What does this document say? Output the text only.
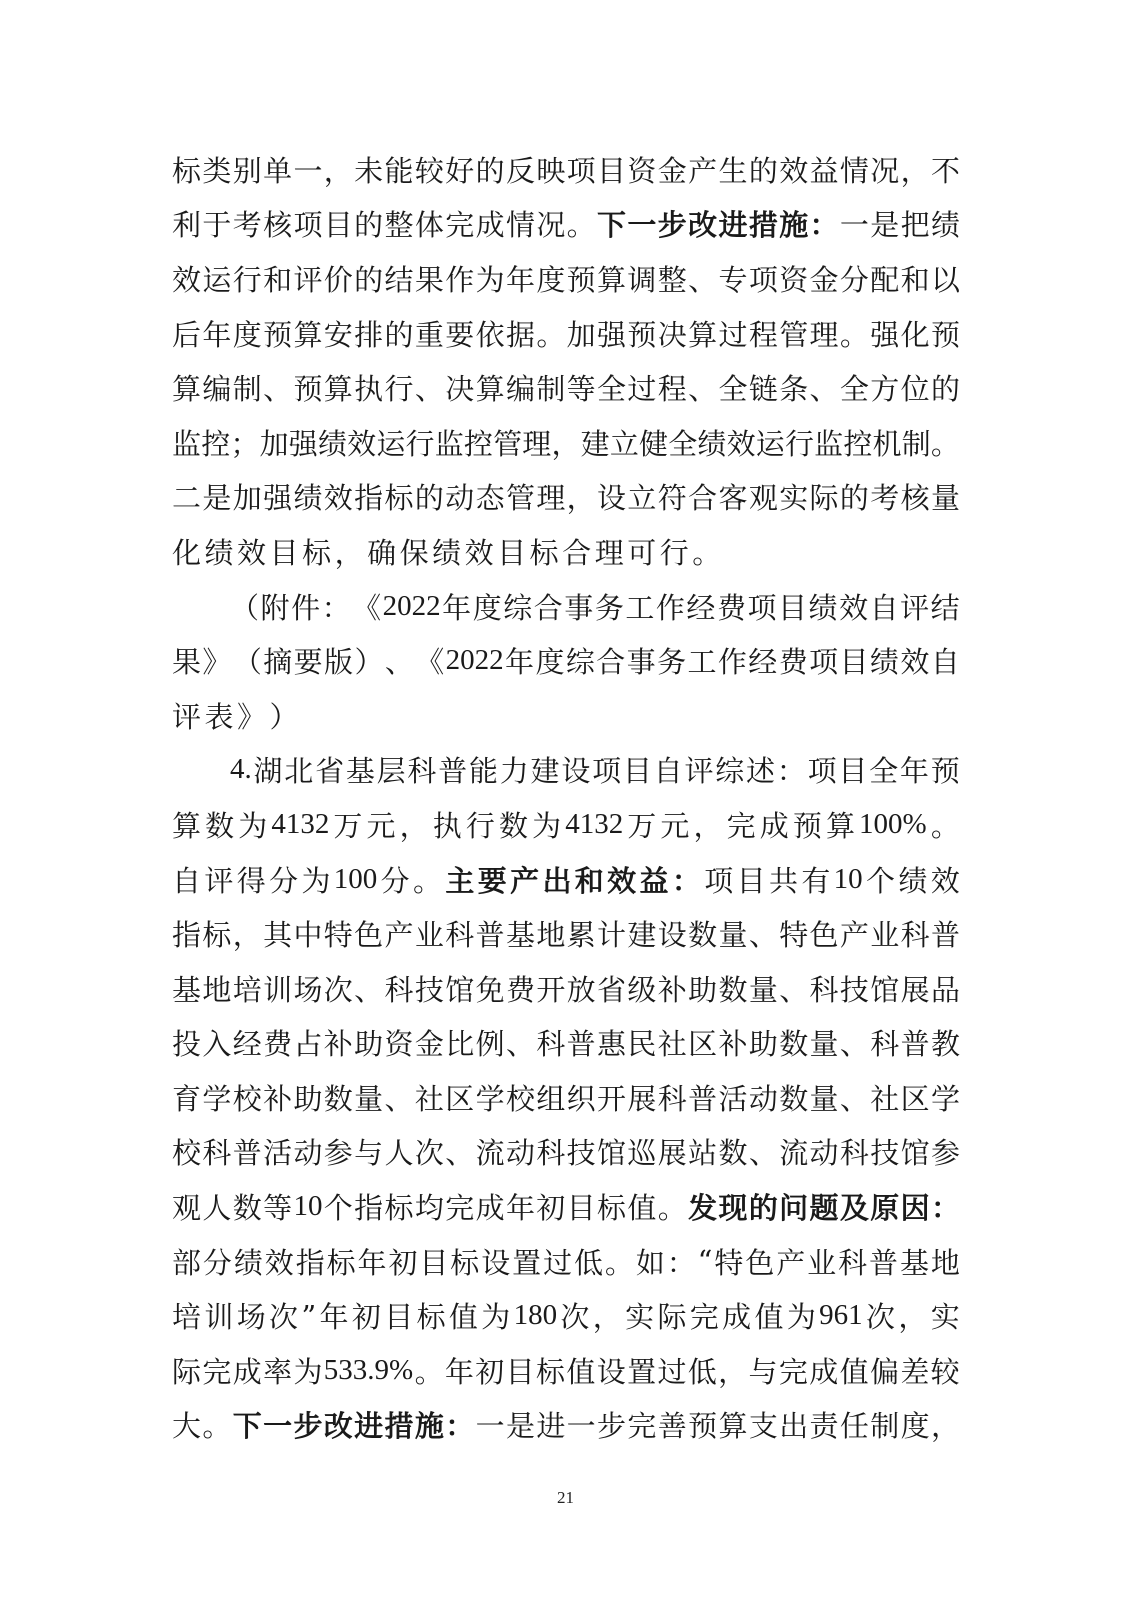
标 类 别 单 一 ， 未 能 较 好 的 反 映 项 目 资 金 产 生 的 效 益 情 况 ， 不
利 于 考 核 项 目 的 整 体 完 成 情 况 。 下 一 步 改 进 措 施 ： 一 是 把 绩
效 运 行 和 评 价 的 结 果 作 为 年 度 预 算 调 整 、 专 项 资 金 分 配 和 以
后 年 度 预 算 安 排 的 重 要 依 据 。 加 强 预 决 算 过 程 管 理 。 强 化 预
算 编 制 、 预 算 执 行 、 决 算 编 制 等 全 过 程 、 全 链 条 、 全 方 位 的
监 控 ； 加 强 绩 效 运 行 监 控 管 理 ， 建 立 健 全 绩 效 运 行 监 控 机 制 。
二 是 加 强 绩 效 指 标 的 动 态 管 理 ， 设 立 符 合 客 观 实 际 的 考 核 量
化 绩 效 目 标 ， 确 保 绩 效 目 标 合 理 可 行 。
（ 附 件 ： 《 2022 年 度 综 合 事 务 工 作 经 费 项 目 绩 效 自 评 结
果 》 （ 摘 要 版 ） 、 《 2022 年 度 综 合 事 务 工 作 经 费 项 目 绩 效 自
评 表 》 ）
4. 湖 北 省 基 层 科 普 能 力 建 设 项 目 自 评 综 述 ： 项 目 全 年 预
算 数 为 4132 万 元 ， 执 行 数 为 4132 万 元 ， 完 成 预 算 100% 。
自 评 得 分 为 100 分 。 主 要 产 出 和 效 益 ： 项 目 共 有 10 个 绩 效
指 标 ， 其 中 特 色 产 业 科 普 基 地 累 计 建 设 数 量 、 特 色 产 业 科 普
基 地 培 训 场 次 、 科 技 馆 免 费 开 放 省 级 补 助 数 量 、 科 技 馆 展 品
投 入 经 费 占 补 助 资 金 比 例 、 科 普 惠 民 社 区 补 助 数 量 、 科 普 教
育 学 校 补 助 数 量 、 社 区 学 校 组 织 开 展 科 普 活 动 数 量 、 社 区 学
校 科 普 活 动 参 与 人 次 、 流 动 科 技 馆 巡 展 站 数 、 流 动 科 技 馆 参
观 人 数 等 10 个 指 标 均 完 成 年 初 目 标 值 。 发 现 的 问 题 及 原 因 ：
部 分 绩 效 指 标 年 初 目 标 设 置 过 低 。 如 ： “ 特 色 产 业 科 普 基 地
培 训 场 次 ” 年 初 目 标 值 为 180 次 ， 实 际 完 成 值 为 961 次 ， 实
际 完 成 率 为 533.9% 。 年 初 目 标 值 设 置 过 低 ， 与 完 成 值 偏 差 较
大 。 下 一 步 改 进 措 施 ： 一 是 进 一 步 完 善 预 算 支 出 责 任 制 度 ，
21
